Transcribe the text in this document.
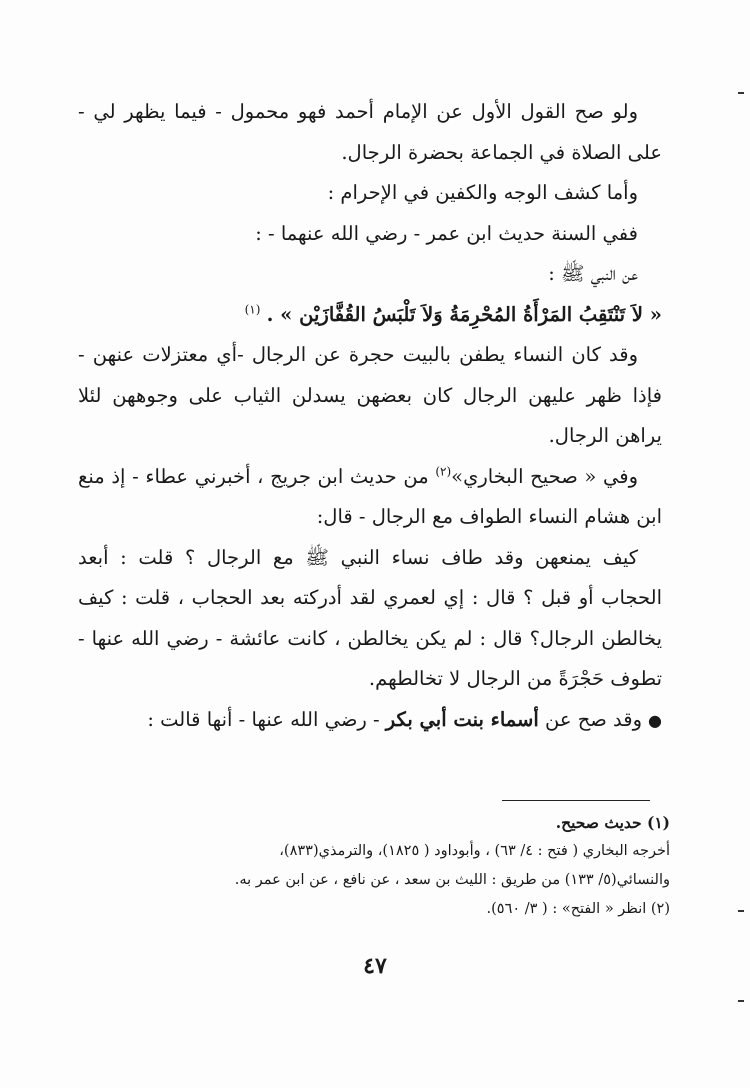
ولو صح القول الأول عن الإمام أحمد فهو محمول - فيما يظهر لي - على الصلاة في الجماعة بحضرة الرجال.

وأما كشف الوجه والكفين في الإحرام :

ففي السنة حديث ابن عمر - رضي الله عنهما - :

عن النبي ﷺ :

« لاَ تَنْتَقِبُ المَرْأَةُ المُحْرِمَةُ وَلاَ تَلْبَسُ القُفَّازَيْن » . $^{(١)}$

وقد كان النساء يطفن بالبيت حجرة عن الرجال -أي معتزلات عنهن - فإذا ظهر عليهن الرجال كان بعضهن يسدلن الثياب على وجوههن لئلا يراهن الرجال.

وفي « صحيح البخاري»$^{(٢)}$ من حديث ابن جريج ، أخبرني عطاء - إذ منع ابن هشام النساء الطواف مع الرجال - قال:

كيف يمنعهن وقد طاف نساء النبي ﷺ مع الرجال ؟ قلت : أبعد الحجاب أو قبل ؟ قال : إي لعمري لقد أدركته بعد الحجاب ، قلت : كيف يخالطن الرجال؟ قال : لم يكن يخالطن ، كانت عائشة - رضي الله عنها - تطوف حَجْرَةً من الرجال لا تخالطهم.

● وقد صح عن أسماء بنت أبي بكر - رضي الله عنها - أنها قالت :

(١) حديث صحيح.

أخرجه البخاري ( فتح : ٤/ ٦٣) ، وأبوداود ( ١٨٢٥)، والترمذي(٨٣٣)،

والنسائي(٥/ ١٣٣) من طريق : الليث بن سعد ، عن نافع ، عن ابن عمر به.

(٢) انظر « الفتح» : ( ٣/ ٥٦٠).

٤٧
